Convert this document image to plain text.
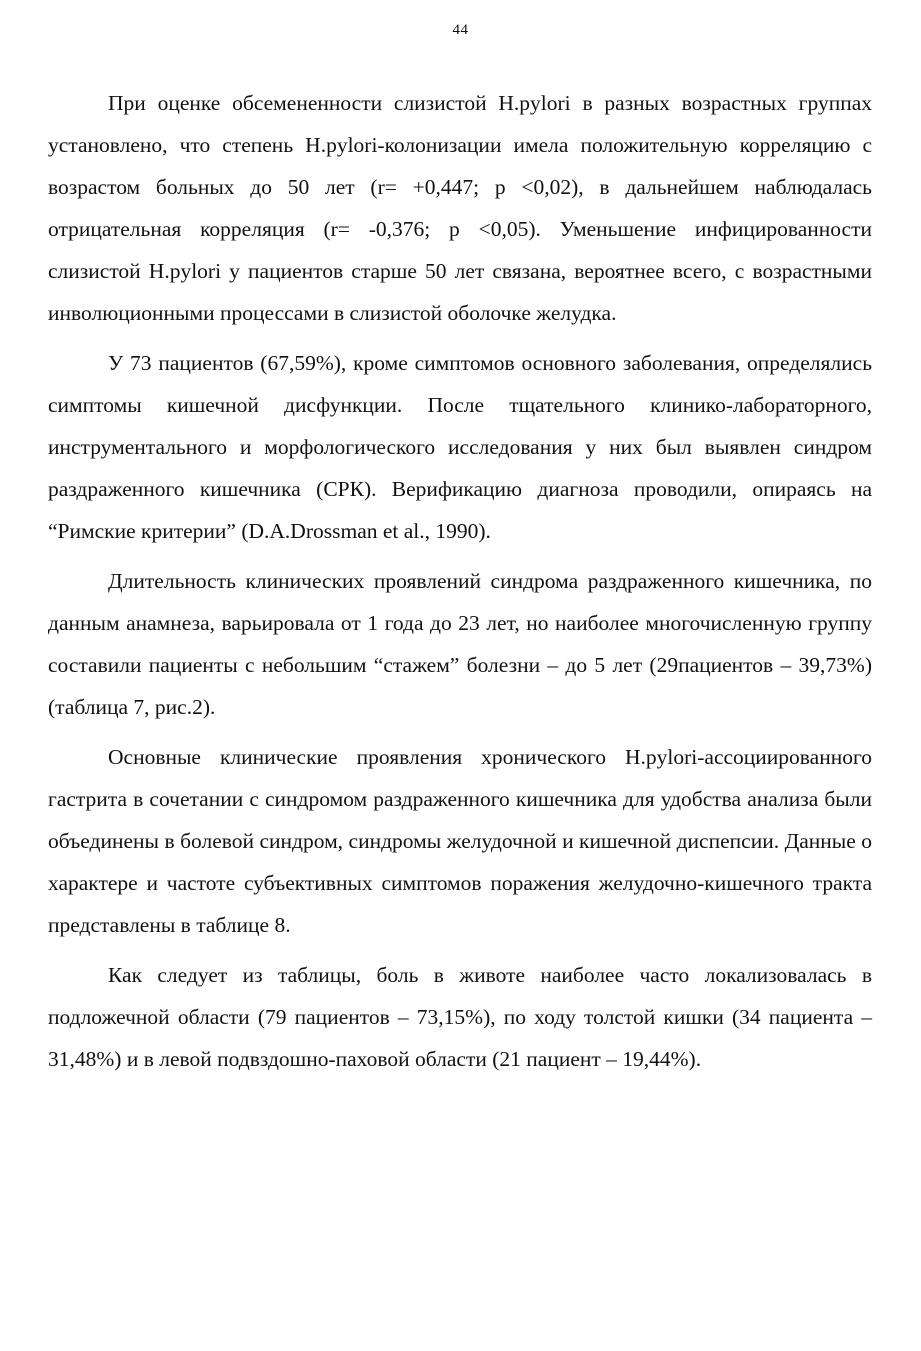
44

При оценке обсемененности слизистой H.pylori в разных возрастных группах установлено, что степень H.pylori-колонизации имела положительную корреляцию с возрастом больных до 50 лет (r= +0,447; p <0,02), в дальнейшем наблюдалась отрицательная корреляция (r= -0,376; p <0,05). Уменьшение инфицированности слизистой H.pylori у пациентов старше 50 лет связана, вероятнее всего, с возрастными инволюционными процессами в слизистой оболочке желудка.

У 73 пациентов (67,59%), кроме симптомов основного заболевания, определялись симптомы кишечной дисфункции. После тщательного клинико-лабораторного, инструментального и морфологического исследования у них был выявлен синдром раздраженного кишечника (СРК). Верификацию диагноза проводили, опираясь на “Римские критерии” (D.A.Drossman et al., 1990).

Длительность клинических проявлений синдрома раздраженного кишечника, по данным анамнеза, варьировала от 1 года до 23 лет, но наиболее многочисленную группу составили пациенты с небольшим “стажем” болезни – до 5 лет (29пациентов – 39,73%) (таблица 7, рис.2).

Основные клинические проявления хронического H.pylori-ассоциированного гастрита в сочетании с синдромом раздраженного кишечника для удобства анализа были объединены в болевой синдром, синдромы желудочной и кишечной диспепсии. Данные о характере и частоте субъективных симптомов поражения желудочно-кишечного тракта представлены в таблице 8.

Как следует из таблицы, боль в животе наиболее часто локализовалась в подложечной области (79 пациентов – 73,15%), по ходу толстой кишки (34 пациента – 31,48%) и в левой подвздошно-паховой области (21 пациент – 19,44%).
